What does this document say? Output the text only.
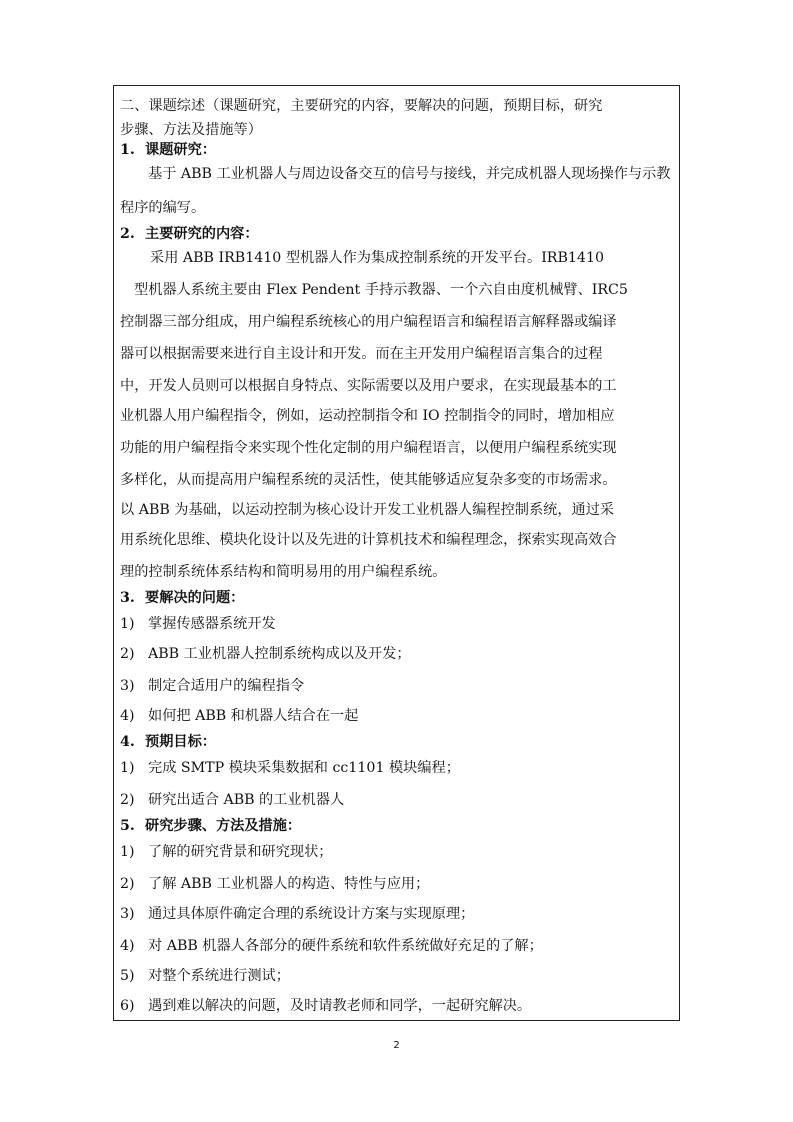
二、课题综述（课题研究，主要研究的内容，要解决的问题，预期目标，研究
步骤、方法及措施等）
1. 课题研究：
基于 ABB 工业机器人与周边设备交互的信号与接线，并完成机器人现场操作与示教
程序的编写。
2. 主要研究的内容：
采用 ABB IRB1410 型机器人作为集成控制系统的开发平台。IRB1410
型机器人系统主要由 Flex Pendent 手持示教器、一个六自由度机械臂、IRC5
控制器三部分组成，用户编程系统核心的用户编程语言和编程语言解释器或编译
器可以根据需要来进行自主设计和开发。而在主开发用户编程语言集合的过程
中，开发人员则可以根据自身特点、实际需要以及用户要求，在实现最基本的工
业机器人用户编程指令，例如，运动控制指令和 IO 控制指令的同时，增加相应
功能的用户编程指令来实现个性化定制的用户编程语言，以便用户编程系统实现
多样化，从而提高用户编程系统的灵活性，使其能够适应复杂多变的市场需求。
以 ABB 为基础，以运动控制为核心设计开发工业机器人编程控制系统，通过采
用系统化思维、模块化设计以及先进的计算机技术和编程理念，探索实现高效合
理的控制系统体系结构和简明易用的用户编程系统。
3. 要解决的问题：
1) 掌握传感器系统开发
2) ABB 工业机器人控制系统构成以及开发；
3) 制定合适用户的编程指令
4) 如何把 ABB 和机器人结合在一起
4. 预期目标：
1) 完成 SMTP 模块采集数据和 cc1101 模块编程；
2) 研究出适合 ABB 的工业机器人
5. 研究步骤、方法及措施：
1) 了解的研究背景和研究现状；
2) 了解 ABB 工业机器人的构造、特性与应用；
3) 通过具体原件确定合理的系统设计方案与实现原理；
4) 对 ABB 机器人各部分的硬件系统和软件系统做好充足的了解；
5) 对整个系统进行测试；
6) 遇到难以解决的问题，及时请教老师和同学，一起研究解决。
2
